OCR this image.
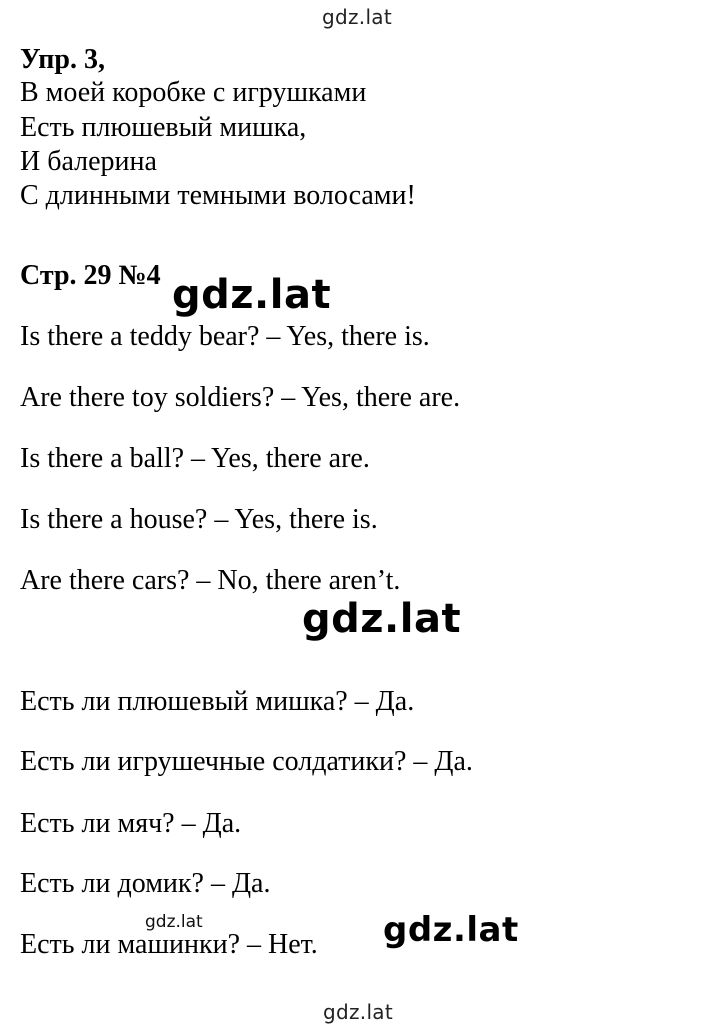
gdz.lat
Упр. 3,
В моей коробке с игрушками
Есть плюшевый мишка,
И балерина
С длинными темными волосами!
Стр. 29 №4 gdz.lat
Is there a teddy bear? – Yes, there is.
Are there toy soldiers? – Yes, there are.
Is there a ball? – Yes, there are.
Is there a house? – Yes, there is.
Are there cars? – No, there aren’t.
gdz.lat
Есть ли плюшевый мишка? – Да.
Есть ли игрушечные солдатики? – Да.
Есть ли мяч? – Да.
Есть ли домик? – Да.
Есть ли машинки? – Нет.
gdz.lat	gdz.lat
gdz.lat
